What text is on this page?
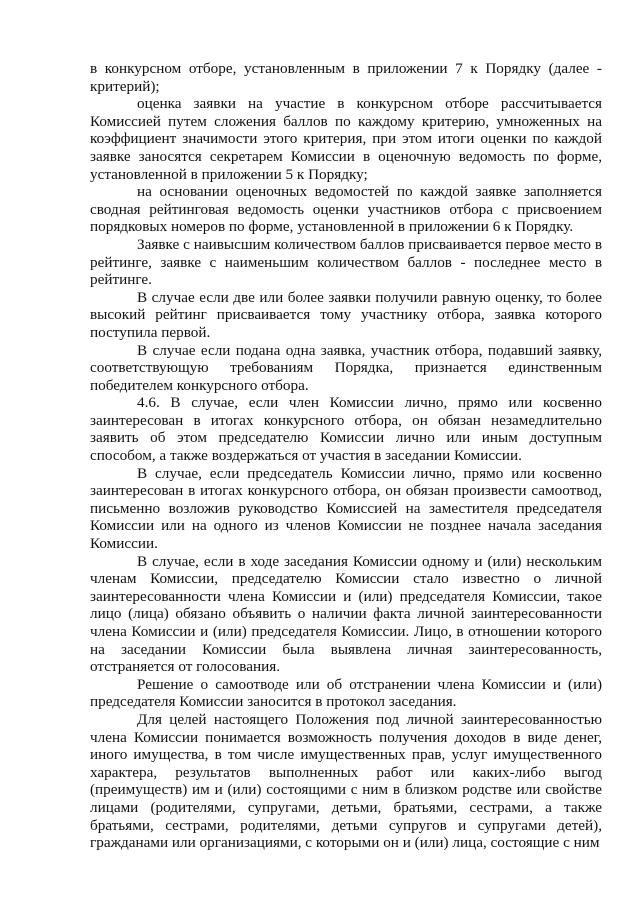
в конкурсном отборе, установленным в приложении 7 к Порядку (далее - критерий);

оценка заявки на участие в конкурсном отборе рассчитывается Комиссией путем сложения баллов по каждому критерию, умноженных на коэффициент значимости этого критерия, при этом итоги оценки по каждой заявке заносятся секретарем Комиссии в оценочную ведомость по форме, установленной в приложении 5 к Порядку;

на основании оценочных ведомостей по каждой заявке заполняется сводная рейтинговая ведомость оценки участников отбора с присвоением порядковых номеров по форме, установленной в приложении 6 к Порядку.

Заявке с наивысшим количеством баллов присваивается первое место в рейтинге, заявке с наименьшим количеством баллов - последнее место в рейтинге.

В случае если две или более заявки получили равную оценку, то более высокий рейтинг присваивается тому участнику отбора, заявка которого поступила первой.

В случае если подана одна заявка, участник отбора, подавший заявку, соответствующую требованиям Порядка, признается единственным победителем конкурсного отбора.

4.6. В случае, если член Комиссии лично, прямо или косвенно заинтересован в итогах конкурсного отбора, он обязан незамедлительно заявить об этом председателю Комиссии лично или иным доступным способом, а также воздержаться от участия в заседании Комиссии.

В случае, если председатель Комиссии лично, прямо или косвенно заинтересован в итогах конкурсного отбора, он обязан произвести самоотвод, письменно возложив руководство Комиссией на заместителя председателя Комиссии или на одного из членов Комиссии не позднее начала заседания Комиссии.

В случае, если в ходе заседания Комиссии одному и (или) нескольким членам Комиссии, председателю Комиссии стало известно о личной заинтересованности члена Комиссии и (или) председателя Комиссии, такое лицо (лица) обязано объявить о наличии факта личной заинтересованности члена Комиссии и (или) председателя Комиссии. Лицо, в отношении которого на заседании Комиссии была выявлена личная заинтересованность, отстраняется от голосования.

Решение о самоотводе или об отстранении члена Комиссии и (или) председателя Комиссии заносится в протокол заседания.

Для целей настоящего Положения под личной заинтересованностью члена Комиссии понимается возможность получения доходов в виде денег, иного имущества, в том числе имущественных прав, услуг имущественного характера, результатов выполненных работ или каких-либо выгод (преимуществ) им и (или) состоящими с ним в близком родстве или свойстве лицами (родителями, супругами, детьми, братьями, сестрами, а также братьями, сестрами, родителями, детьми супругов и супругами детей), гражданами или организациями, с которыми он и (или) лица, состоящие с ним
